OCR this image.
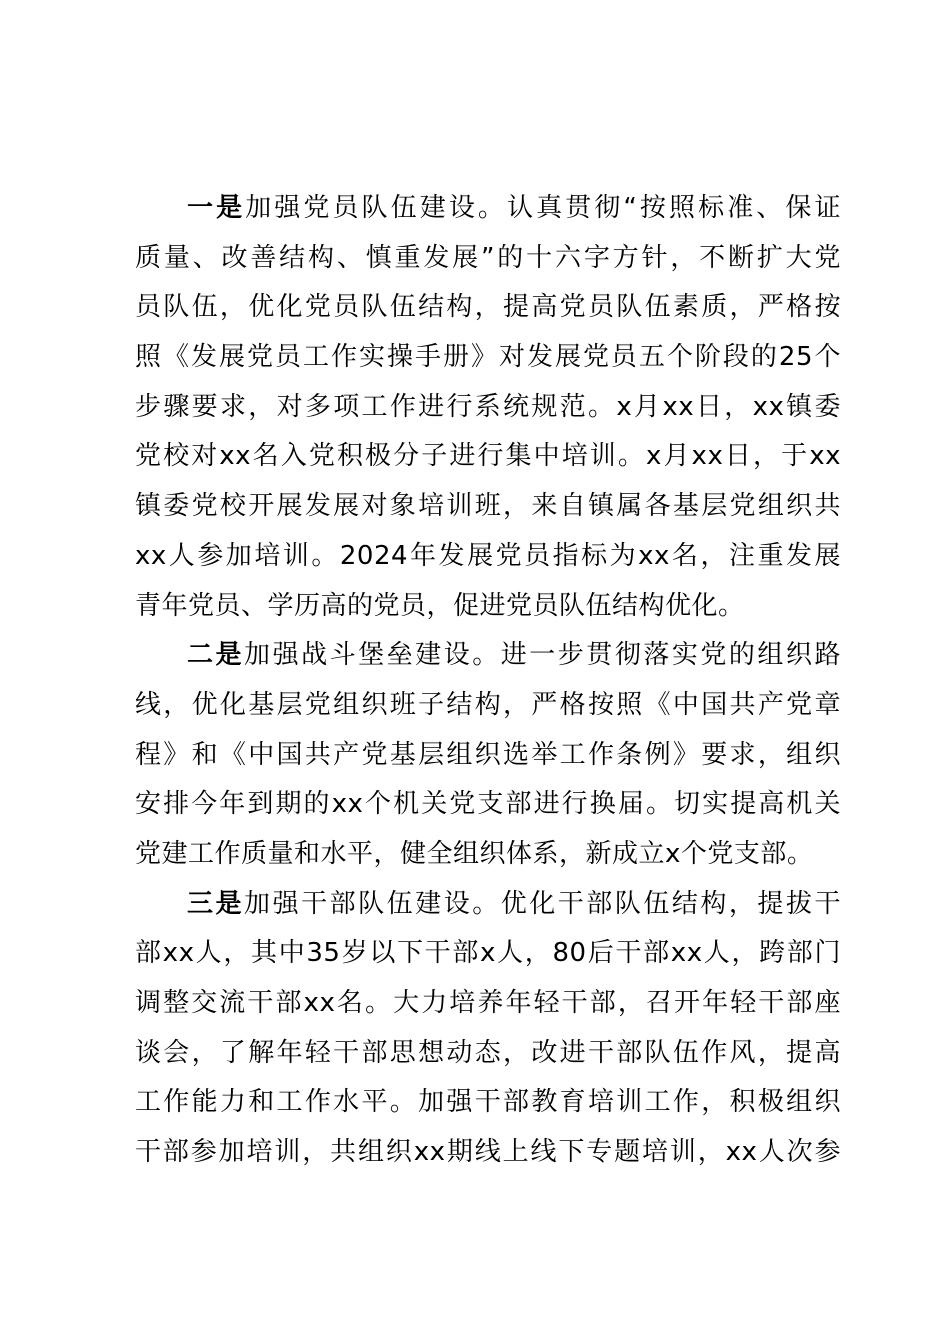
一是加强党员队伍建设。认真贯彻“按照标准、保证
质量、改善结构、慎重发展”的十六字方针，不断扩大党
员队伍，优化党员队伍结构，提高党员队伍素质，严格按
照《发展党员工作实操手册》对发展党员五个阶段的25个
步骤要求，对多项工作进行系统规范。x月xx日，xx镇委
党校对xx名入党积极分子进行集中培训。x月xx日，于xx
镇委党校开展发展对象培训班，来自镇属各基层党组织共
xx人参加培训。2024年发展党员指标为xx名，注重发展
青年党员、学历高的党员，促进党员队伍结构优化。
二是加强战斗堡垒建设。进一步贯彻落实党的组织路
线，优化基层党组织班子结构，严格按照《中国共产党章
程》和《中国共产党基层组织选举工作条例》要求，组织
安排今年到期的xx个机关党支部进行换届。切实提高机关
党建工作质量和水平，健全组织体系，新成立x个党支部。
三是加强干部队伍建设。优化干部队伍结构，提拔干
部xx人，其中35岁以下干部x人，80后干部xx人，跨部门
调整交流干部xx名。大力培养年轻干部，召开年轻干部座
谈会，了解年轻干部思想动态，改进干部队伍作风，提高
工作能力和工作水平。加强干部教育培训工作，积极组织
干部参加培训，共组织xx期线上线下专题培训，xx人次参
